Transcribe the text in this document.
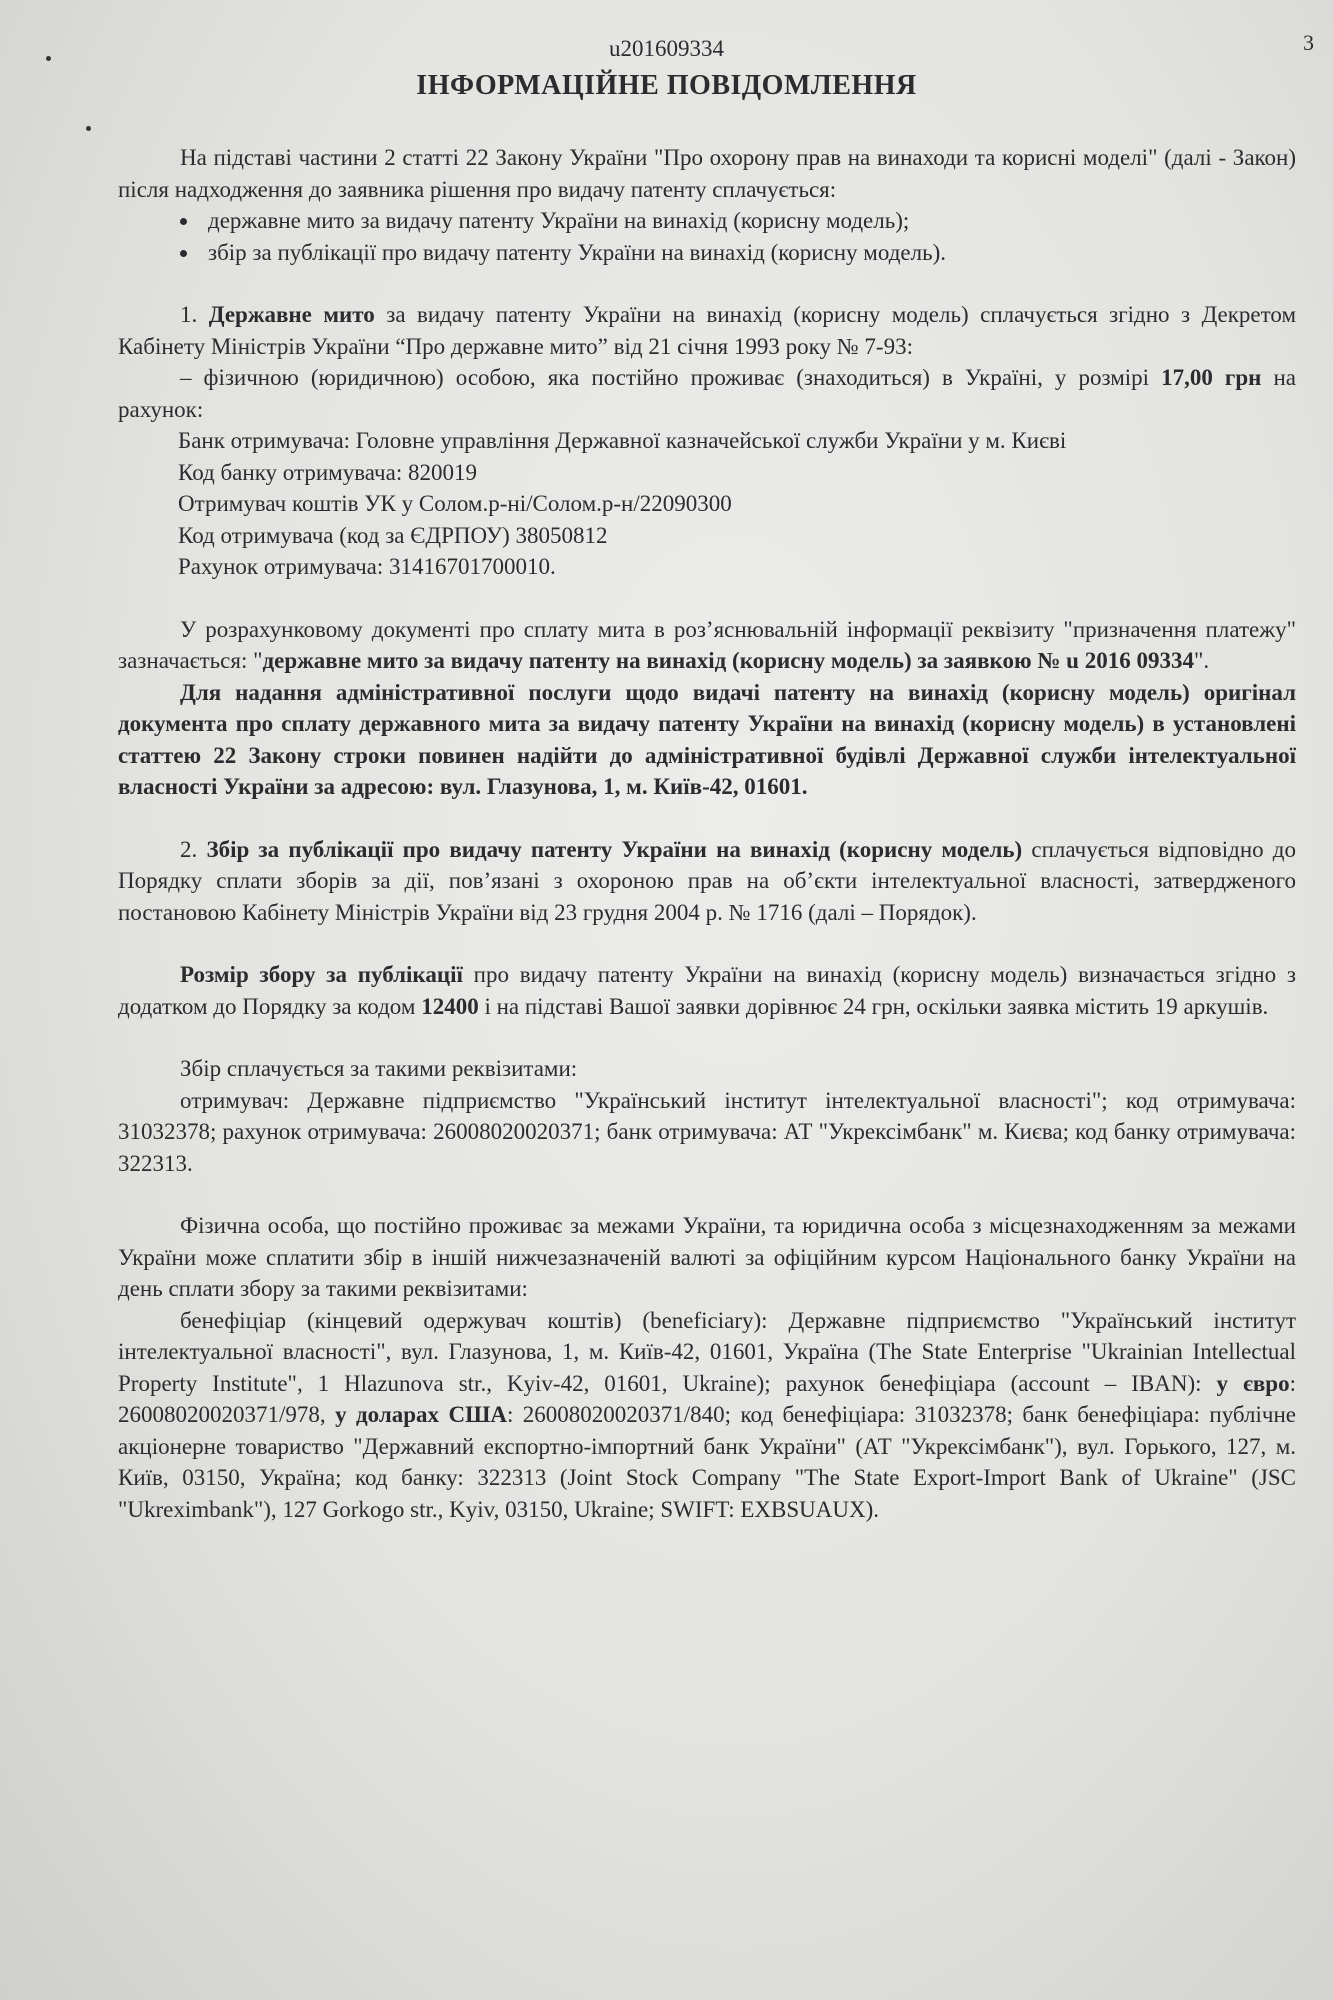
u201609334	3
ІНФОРМАЦІЙНЕ ПОВІДОМЛЕННЯ

На підставі частини 2 статті 22 Закону України "Про охорону прав на винаходи та корисні моделі" (далі - Закон) після надходження до заявника рішення про видачу патенту сплачується:

державне мито за видачу патенту України на винахід (корисну модель);
збір за публікації про видачу патенту України на винахід (корисну модель).

1. Державне мито за видачу патенту України на винахід (корисну модель) сплачується згідно з Декретом Кабінету Міністрів України “Про державне мито” від 21 січня 1993 року № 7-93:

– фізичною (юридичною) особою, яка постійно проживає (знаходиться) в Україні, у розмірі 17,00 грн на рахунок:

Банк отримувача: Головне управління Державної казначейської служби України у м. Києві

Код банку отримувача: 820019

Отримувач коштів УК у Солом.р-ні/Солом.р-н/22090300

Код отримувача (код за ЄДРПОУ) 38050812

Рахунок отримувача: 31416701700010.

У розрахунковому документі про сплату мита в роз’яснювальній інформації реквізиту "призначення платежу" зазначається: "державне мито за видачу патенту на винахід (корисну модель) за заявкою № u 2016 09334".

Для надання адміністративної послуги щодо видачі патенту на винахід (корисну модель) оригінал документа про сплату державного мита за видачу патенту України на винахід (корисну модель) в установлені статтею 22 Закону строки повинен надійти до адміністративної будівлі Державної служби інтелектуальної власності України за адресою: вул. Глазунова, 1, м. Київ-42, 01601.

2. Збір за публікації про видачу патенту України на винахід (корисну модель) сплачується відповідно до Порядку сплати зборів за дії, пов’язані з охороною прав на об’єкти інтелектуальної власності, затвердженого постановою Кабінету Міністрів України від 23 грудня 2004 р. № 1716 (далі – Порядок).

Розмір збору за публікації про видачу патенту України на винахід (корисну модель) визначається згідно з додатком до Порядку за кодом 12400 і на підставі Вашої заявки дорівнює 24 грн, оскільки заявка містить 19 аркушів.

Збір сплачується за такими реквізитами:

отримувач: Державне підприємство "Український інститут інтелектуальної власності"; код отримувача: 31032378; рахунок отримувача: 26008020020371; банк отримувача: АТ "Укрексімбанк" м. Києва; код банку отримувача: 322313.

Фізична особа, що постійно проживає за межами України, та юридична особа з місцезнаходженням за межами України може сплатити збір в іншій нижчезазначеній валюті за офіційним курсом Національного банку України на день сплати збору за такими реквізитами:

бенефіціар (кінцевий одержувач коштів) (beneficiary): Державне підприємство "Український інститут інтелектуальної власності", вул. Глазунова, 1, м. Київ-42, 01601, Україна (The State Enterprise "Ukrainian Intellectual Property Institute", 1 Hlazunova str., Kyiv-42, 01601, Ukraine); рахунок бенефіціара (account – IBAN): у євро: 26008020020371/978, у доларах США: 26008020020371/840; код бенефіціара: 31032378; банк бенефіціара: публічне акціонерне товариство "Державний експортно-імпортний банк України" (АТ "Укрексімбанк"), вул. Горького, 127, м. Київ, 03150, Україна; код банку: 322313 (Joint Stock Company "The State Export-Import Bank of Ukraine" (JSC "Ukreximbank"), 127 Gorkogo str., Kyiv, 03150, Ukraine; SWIFT: EXBSUAUX).
